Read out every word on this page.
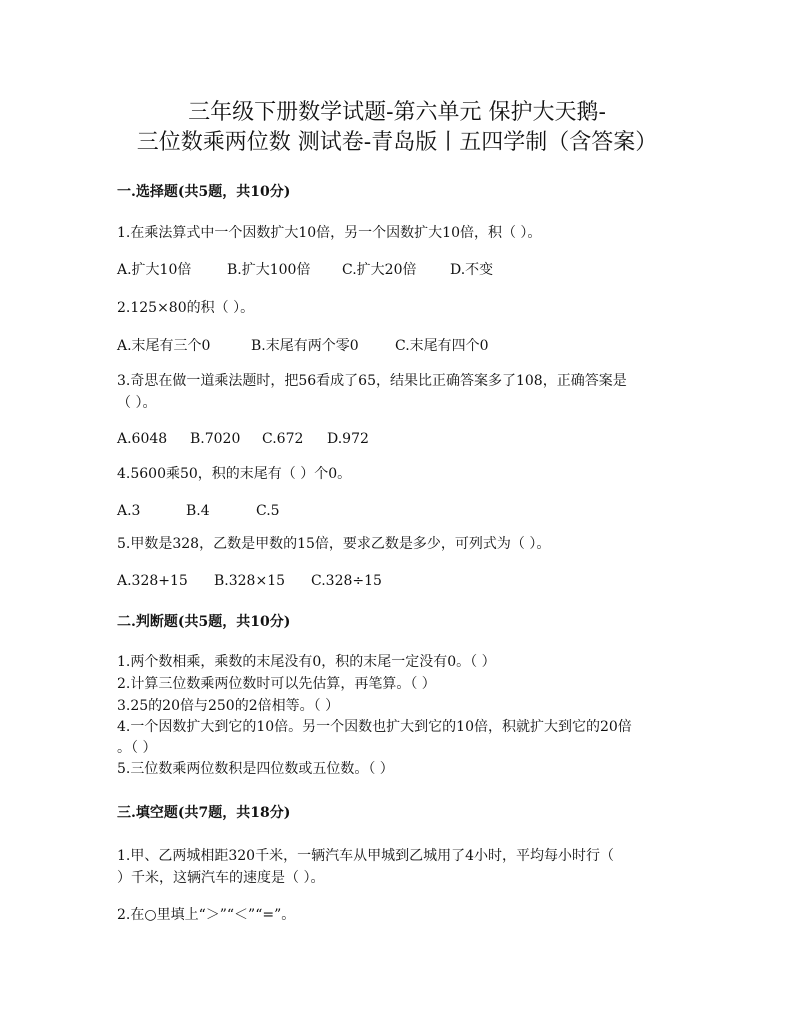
三年级下册数学试题-第六单元 保护大天鹅-
三位数乘两位数 测试卷-青岛版丨五四学制（含答案）
一.选择题(共5题，共10分)
1.在乘法算式中一个因数扩大10倍，另一个因数扩大10倍，积（ ）。
A.扩大10倍	B.扩大100倍 C.扩大20倍 D.不变
2.125×80的积（ ）。
A.末尾有三个0	B.末尾有两个零0	C.末尾有四个0
3.奇思在做一道乘法题时，把56看成了65，结果比正确答案多了108，正确答案是
（ ）。
A.6048 B.7020 C.672 D.972
4.5600乘50，积的末尾有（ ）个0。
A.3	B.4	C.5
5.甲数是328，乙数是甲数的15倍，要求乙数是多少，可列式为（ ）。
A.328+15 B.328×15 C.328÷15
二.判断题(共5题，共10分)
1.两个数相乘，乘数的末尾没有0，积的末尾一定没有0。（ ）
2.计算三位数乘两位数时可以先估算，再笔算。（ ）
3.25的20倍与250的2倍相等。（ ）
4.一个因数扩大到它的10倍。另一个因数也扩大到它的10倍，积就扩大到它的20倍
。（ ）
5.三位数乘两位数积是四位数或五位数。（ ）
三.填空题(共7题，共18分)
1.甲、乙两城相距320千米，一辆汽车从甲城到乙城用了4小时，平均每小时行（
）千米，这辆汽车的速度是（ ）。
2.在○里填上“＞”“＜”“=”。
